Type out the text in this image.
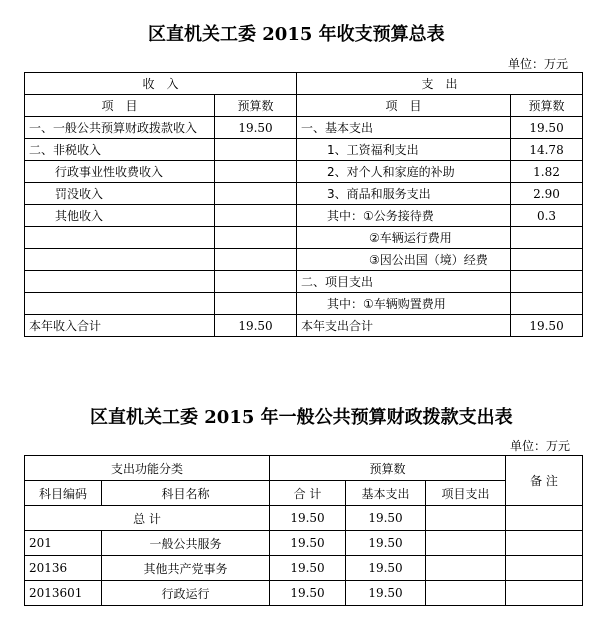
区直机关工委 2015 年收支预算总表
单位：万元
收　入		支　出	
项　目	预算数	项　目	预算数
一、一般公共预算财政拨款收入	19.50	一、基本支出	19.50
二、非税收入		1、工资福利支出	14.78
行政事业性收费收入		2、对个人和家庭的补助	1.82
罚没收入		3、商品和服务支出	2.90
其他收入		其中：①公务接待费	0.3
		②车辆运行费用	
		③因公出国（境）经费	
		二、项目支出	
		其中：①车辆购置费用	
本年收入合计	19.50	本年支出合计	19.50
区直机关工委 2015 年一般公共预算财政拨款支出表
单位：万元
支出功能分类		预算数			备 注
科目编码	科目名称	合 计	基本支出	项目支出	
总 计		19.50	19.50		
201	一般公共服务	19.50	19.50		
20136	其他共产党事务	19.50	19.50		
2013601	行政运行	19.50	19.50		
